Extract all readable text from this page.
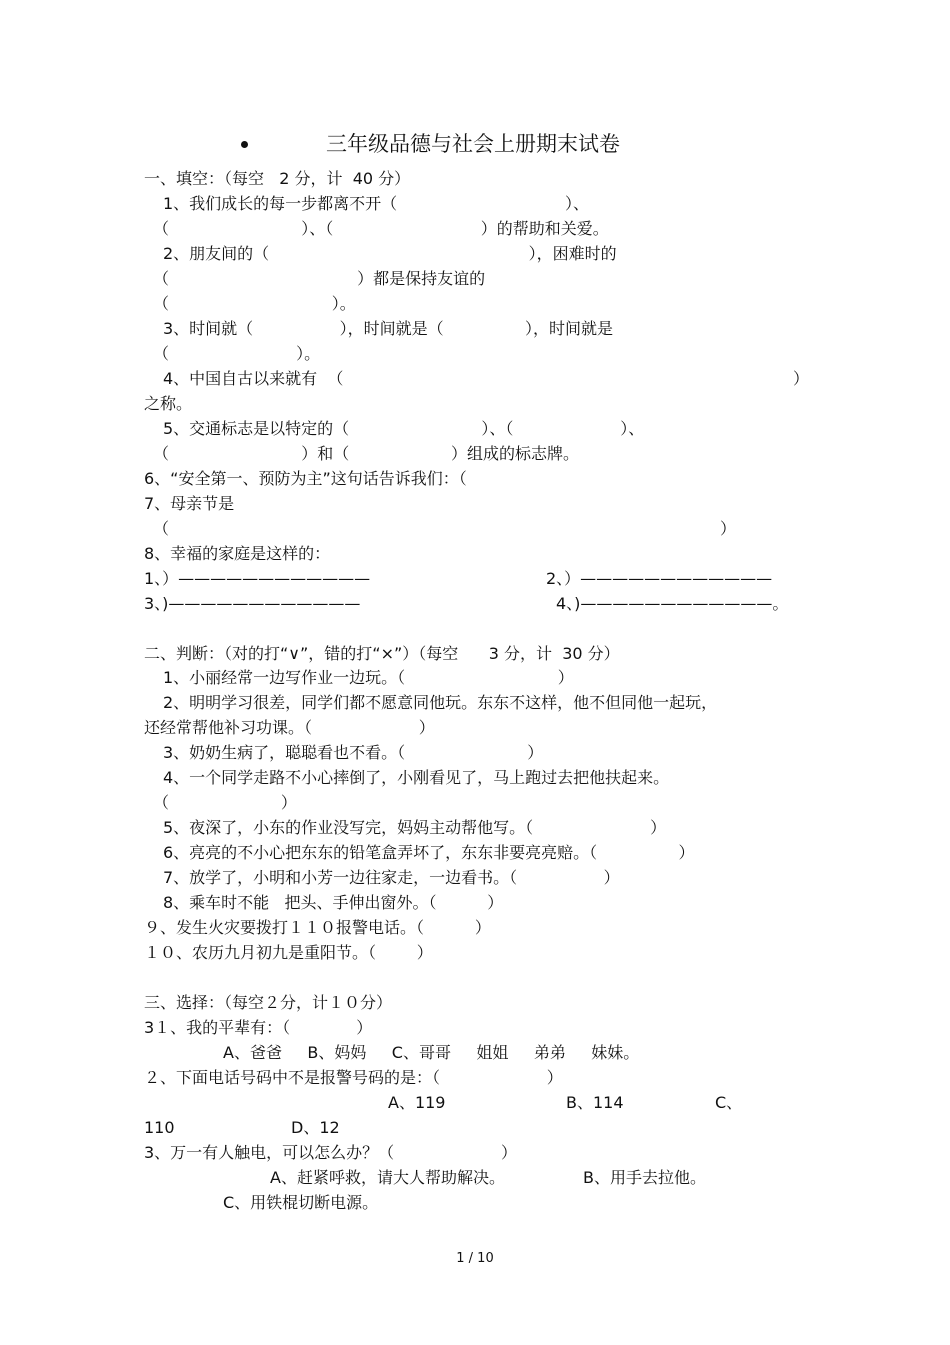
三年级品德与社会上册期末试卷
一、填空：（每空   2 分，计  40 分）
1、我们成长的每一步都离不开（                                 ）、
（                          ）、（                             ）的帮助和关爱。
2、朋友间的（                                                   ），困难时的
（                                     ）都是保持友谊的
（                                ）。
3、时间就（                 ），时间就是（                ），时间就是
（                         ）。
4、中国自古以来就有  （	）
之称。
5、交通标志是以特定的（                          ）、（                     ）、
（                          ）和（                    ）组成的标志牌。
6、“安全第一、预防为主”这句话告诉我们：（
7、母亲节是
（	）
8、幸福的家庭是这样的：
1、）————————————	2、）————————————
3、)————————————	4、)————————————。
二、判断：（对的打“∨”，错的打“×”）（每空      3 分，计  30 分）
1、小丽经常一边写作业一边玩。（                              ）
2、明明学习很差，同学们都不愿意同他玩。东东不这样，他不但同他一起玩，
还经常帮他补习功课。（                     ）
3、奶奶生病了，聪聪看也不看。（                        ）
4、一个同学走路不小心摔倒了，小刚看见了，马上跑过去把他扶起来。
（                      ）
5、夜深了，小东的作业没写完，妈妈主动帮他写。（                       ）
6、亮亮的不小心把东东的铅笔盒弄坏了，东东非要亮亮赔。（                ）
7、放学了，小明和小芳一边往家走，一边看书。（                 ）
8、乘车时不能   把头、手伸出窗外。（          ）
９、发生火灾要拨打１１０报警电话。（          ）
１０、农历九月初九是重阳节。（        ）
三、选择：（每空２分，计１０分）
3１、我的平辈有：（             ）
A、爸爸     B、妈妈     C、哥哥     姐姐     弟弟     妹妹。
２、下面电话号码中不是报警号码的是：（                     ）
A、119	B、114	C、
110	D、12
3、万一有人触电，可以怎么办？（                     ）
A、赶紧呼救，请大人帮助解决。	B、用手去拉他。
C、用铁棍切断电源。
1 / 10
